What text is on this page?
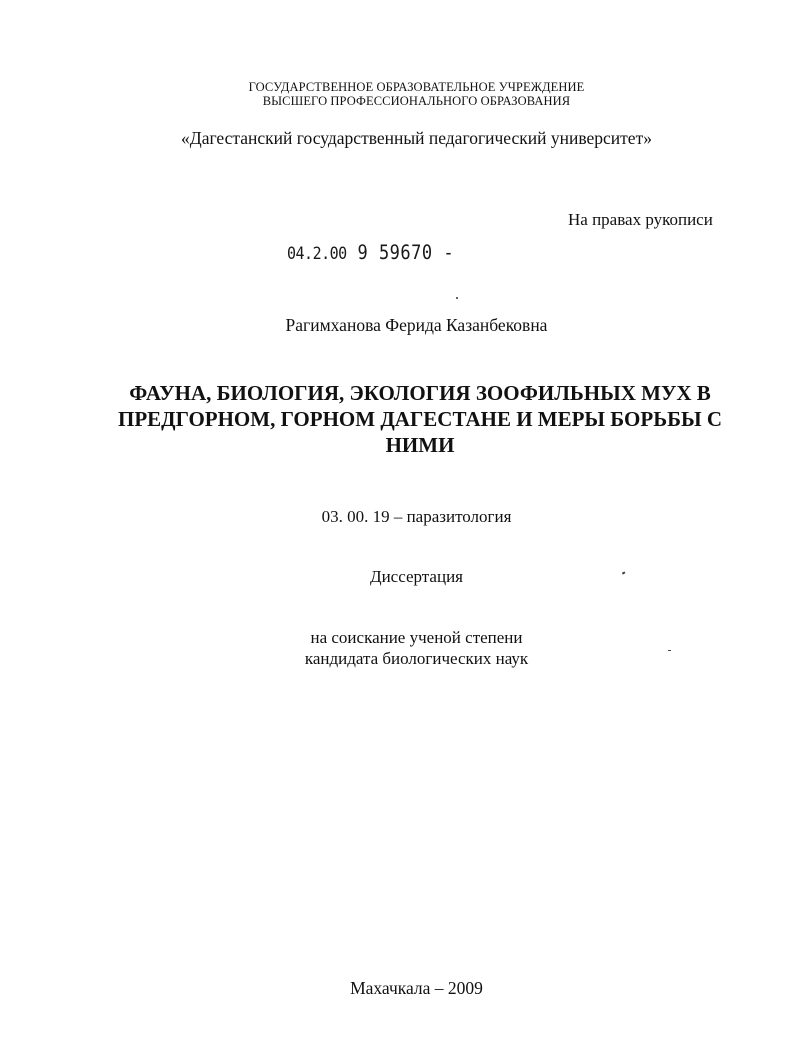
ГОСУДАРСТВЕННОЕ ОБРАЗОВАТЕЛЬНОЕ УЧРЕЖДЕНИЕ
ВЫСШЕГО ПРОФЕССИОНАЛЬНОГО ОБРАЗОВАНИЯ
«Дагестанский государственный педагогический университет»
На правах рукописи
04.2.00 9 59670 -
Рагимханова Ферида Казанбековна
ФАУНА, БИОЛОГИЯ, ЭКОЛОГИЯ ЗООФИЛЬНЫХ МУХ В ПРЕДГОРНОМ, ГОРНОМ ДАГЕСТАНЕ И МЕРЫ БОРЬБЫ С НИМИ
03. 00. 19 – паразитология
Диссертация
на соискание ученой степени
кандидата биологических наук
Махачкала – 2009
